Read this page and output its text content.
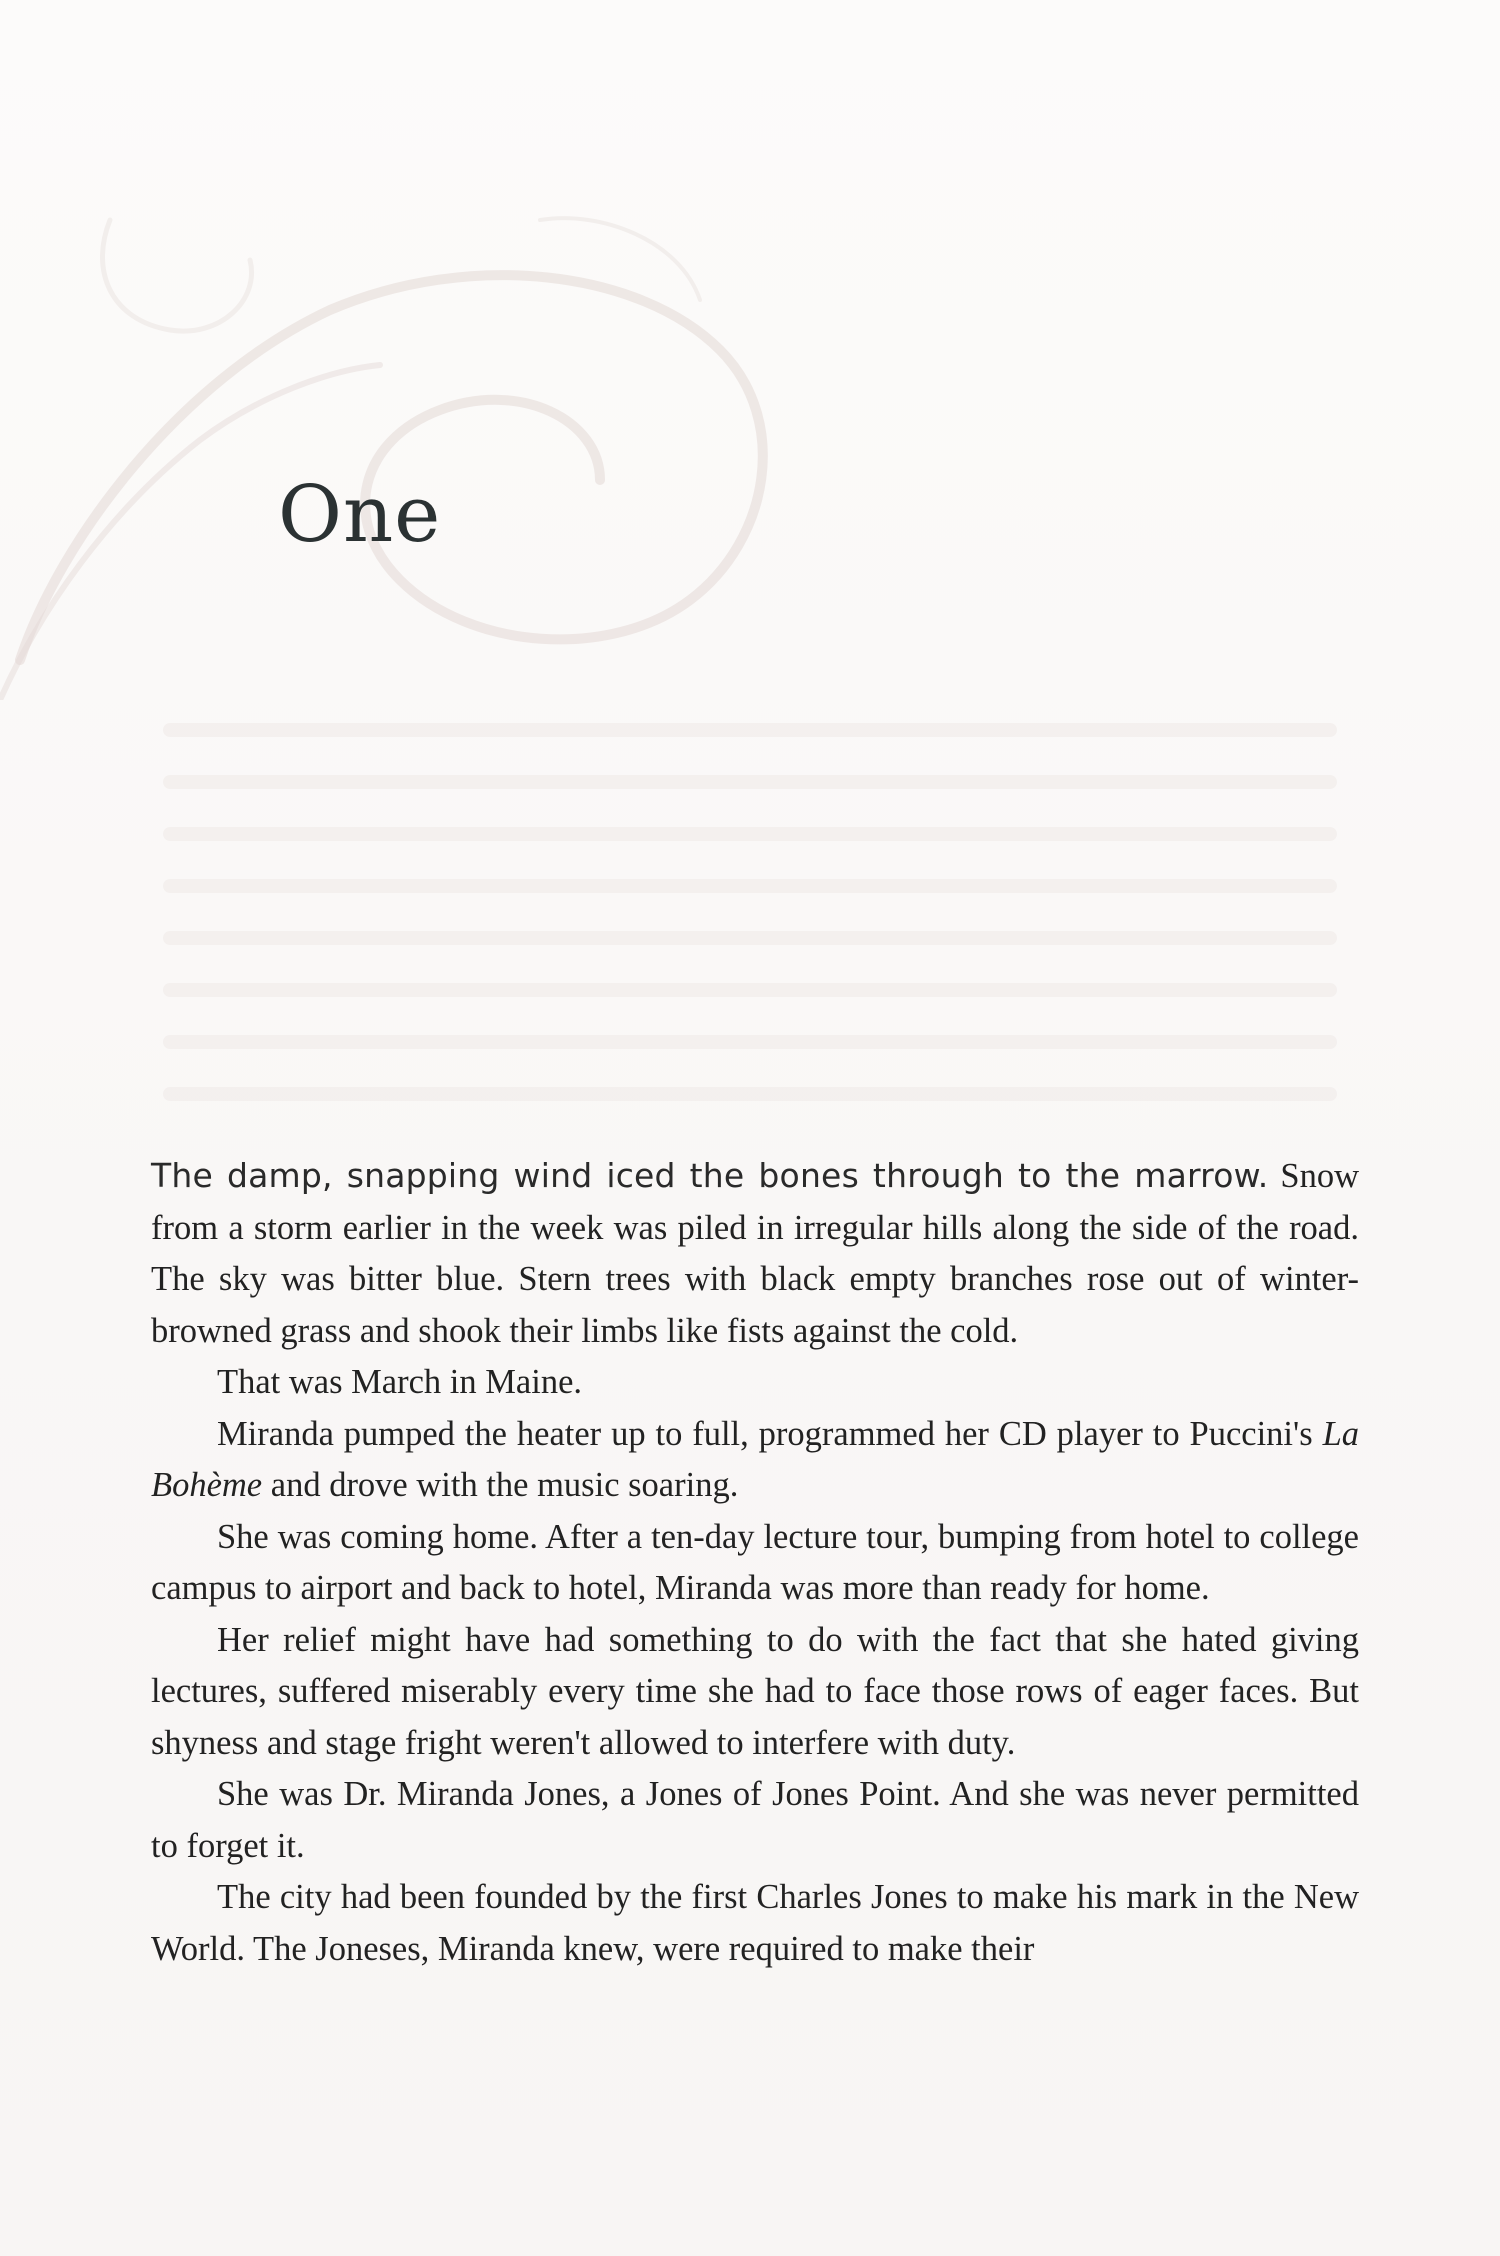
One

The damp, snapping wind iced the bones through to the marrow. Snow from a storm earlier in the week was piled in irregular hills along the side of the road. The sky was bitter blue. Stern trees with black empty branches rose out of winter-browned grass and shook their limbs like fists against the cold.

That was March in Maine.

Miranda pumped the heater up to full, programmed her CD player to Puccini's La Bohème and drove with the music soaring.

She was coming home. After a ten-day lecture tour, bumping from hotel to college campus to airport and back to hotel, Miranda was more than ready for home.

Her relief might have had something to do with the fact that she hated giving lectures, suffered miserably every time she had to face those rows of eager faces. But shyness and stage fright weren't allowed to interfere with duty.

She was Dr. Miranda Jones, a Jones of Jones Point. And she was never permitted to forget it.

The city had been founded by the first Charles Jones to make his mark in the New World. The Joneses, Miranda knew, were required to make their
